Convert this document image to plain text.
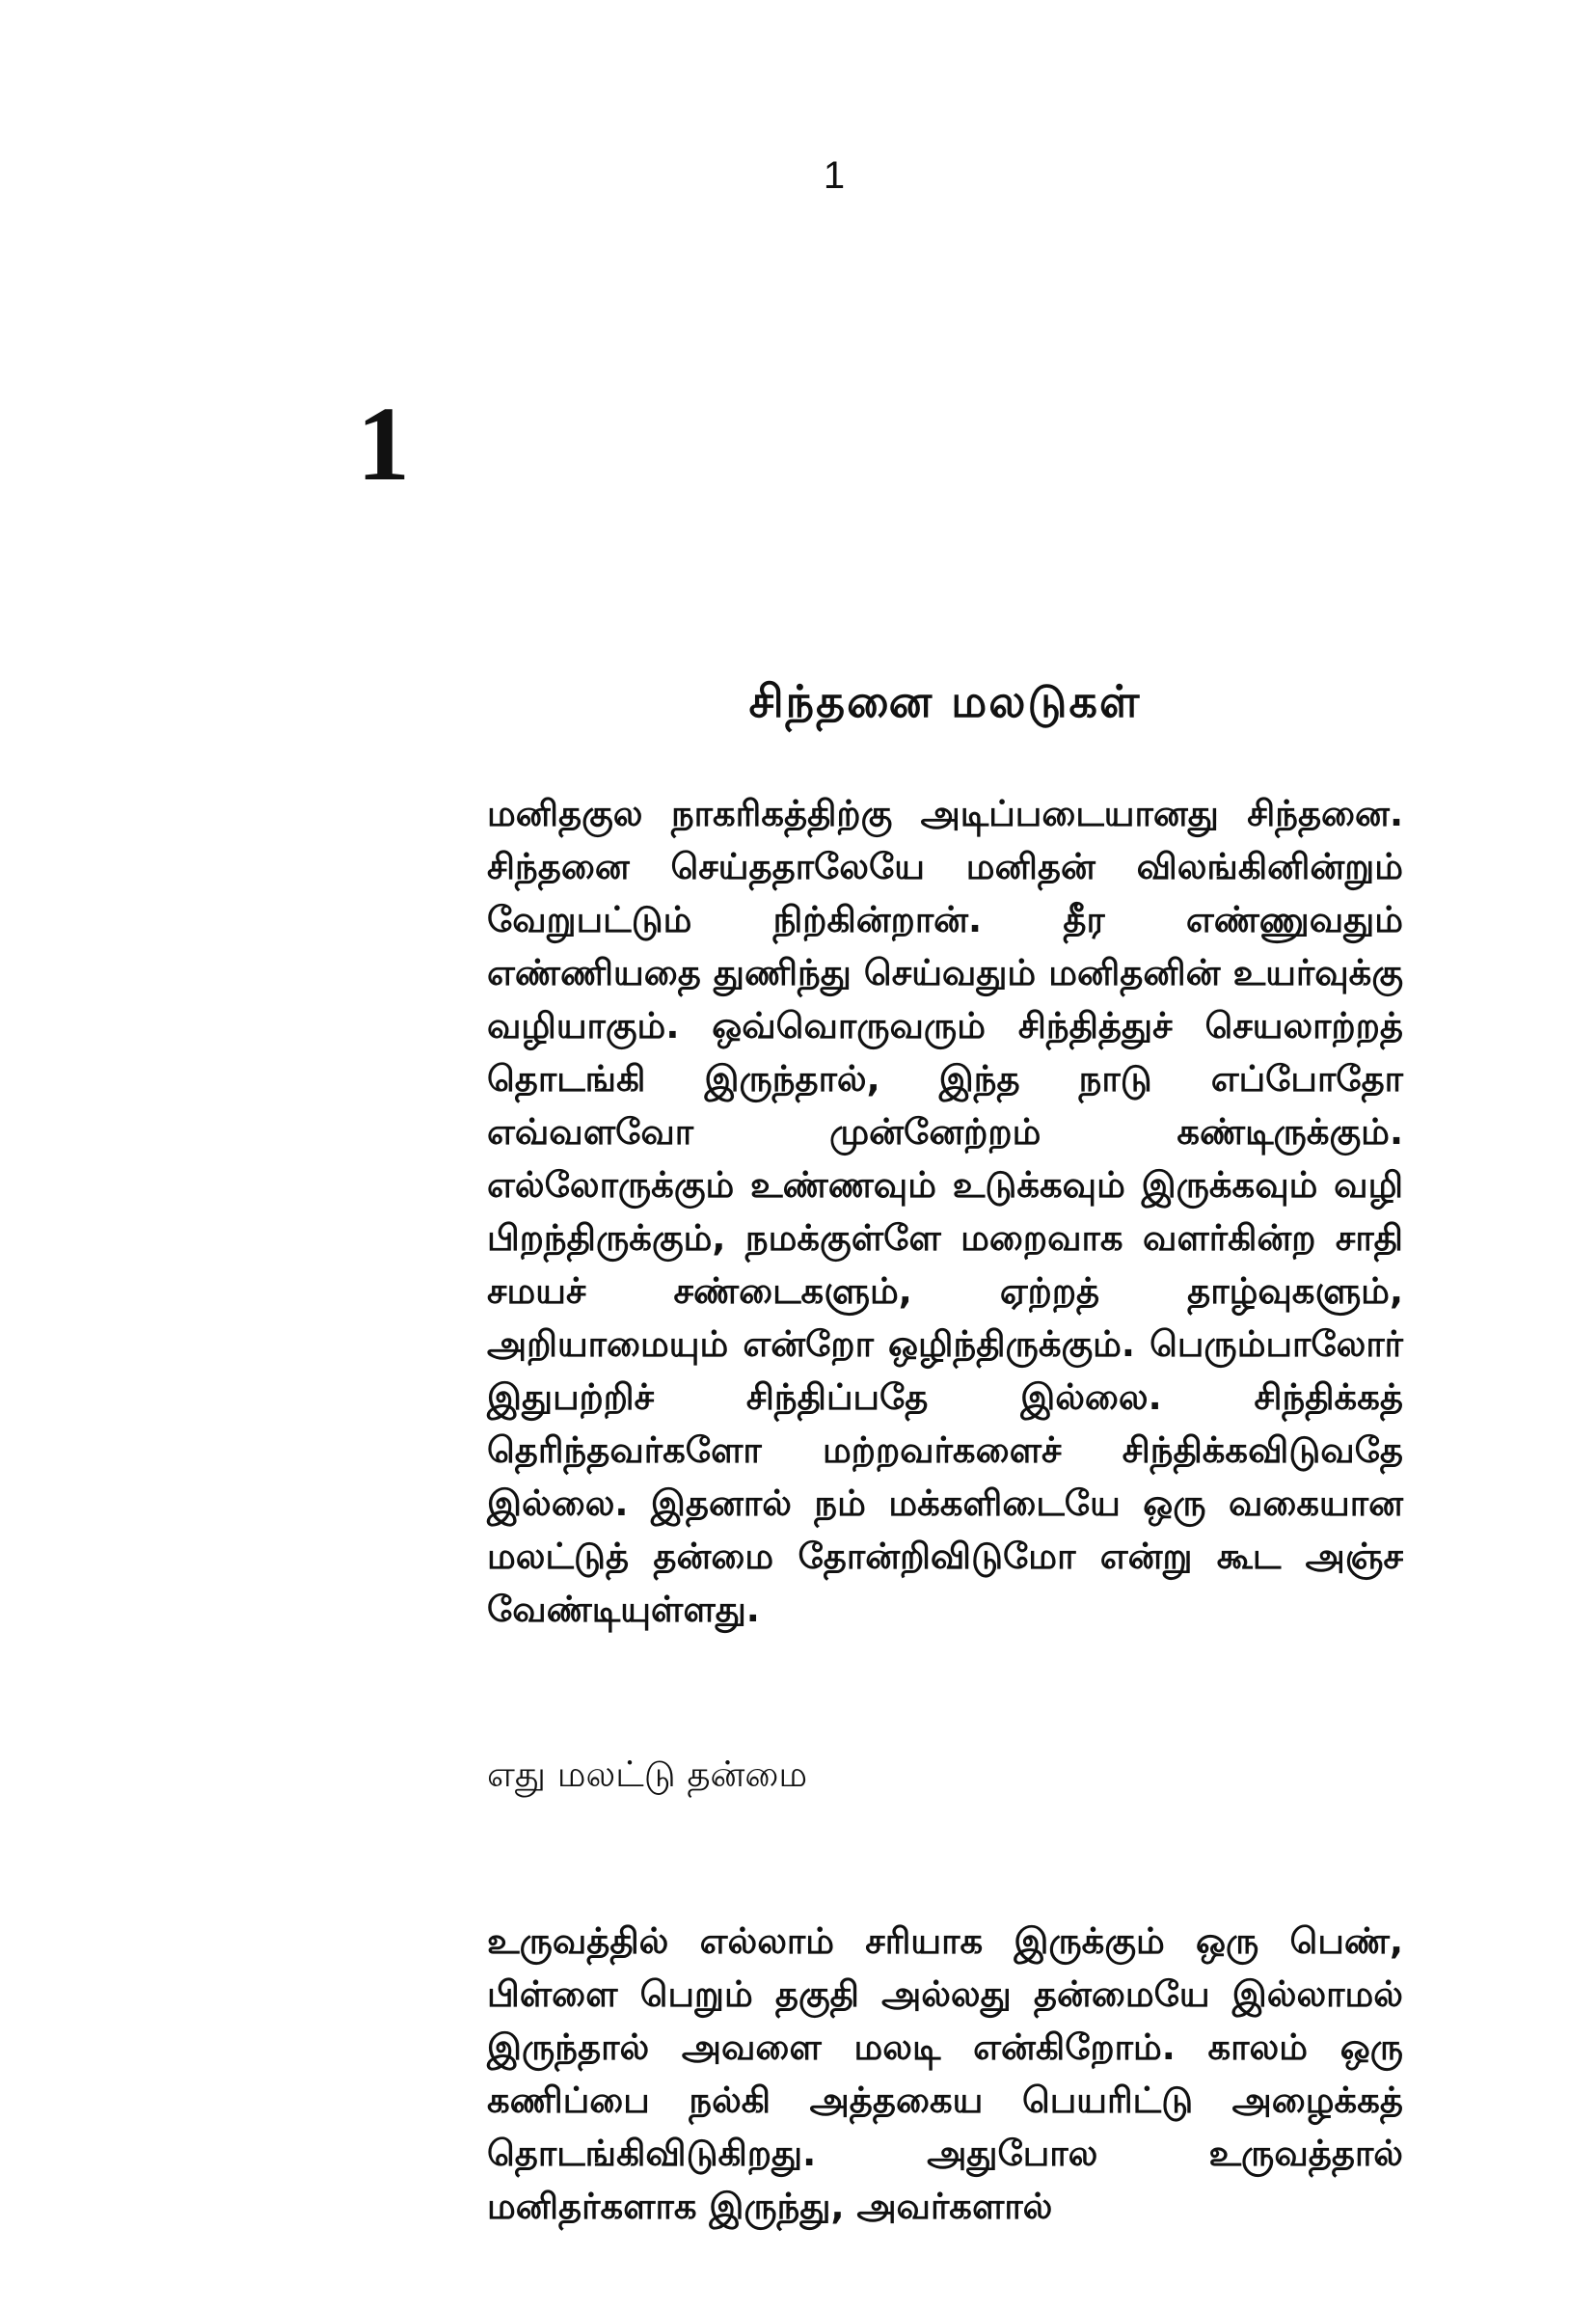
1
1
சிந்தனை மலடுகள்
மனிதகுல நாகரிகத்திற்கு அடிப்படையானது சிந்தனை. சிந்தனை செய்ததாலேயே மனிதன் விலங்கினின்றும் வேறுபட்டும் நிற்கின்றான். தீர எண்ணுவதும் எண்ணியதை துணிந்து செய்வதும் மனிதனின் உயர்வுக்கு வழியாகும். ஒவ்வொருவரும் சிந்தித்துச் செயலாற்றத் தொடங்கி இருந்தால், இந்த நாடு எப்போதோ எவ்வளவோ முன்னேற்றம் கண்டிருக்கும். எல்லோருக்கும் உண்ணவும் உடுக்கவும் இருக்கவும் வழி பிறந்திருக்கும், நமக்குள்ளே மறைவாக வளர்கின்ற சாதி சமயச் சண்டைகளும், ஏற்றத் தாழ்வுகளும், அறியாமையும் என்றோ ஒழிந்திருக்கும். பெரும்பாலோர் இதுபற்றிச் சிந்திப்பதே இல்லை. சிந்திக்கத் தெரிந்தவர்களோ மற்றவர்களைச் சிந்திக்கவிடுவதே இல்லை. இதனால் நம் மக்களிடையே ஒரு வகையான மலட்டுத் தன்மை தோன்றிவிடுமோ என்று கூட அஞ்ச வேண்டியுள்ளது.
எது மலட்டு தன்மை
உருவத்தில் எல்லாம் சரியாக இருக்கும் ஒரு பெண், பிள்ளை பெறும் தகுதி அல்லது தன்மையே இல்லாமல் இருந்தால் அவளை மலடி என்கிறோம். காலம் ஒரு கணிப்பை நல்கி அத்தகைய பெயரிட்டு அழைக்கத் தொடங்கிவிடுகிறது. அதுபோல உருவத்தால் மனிதர்களாக இருந்து, அவர்களால்
